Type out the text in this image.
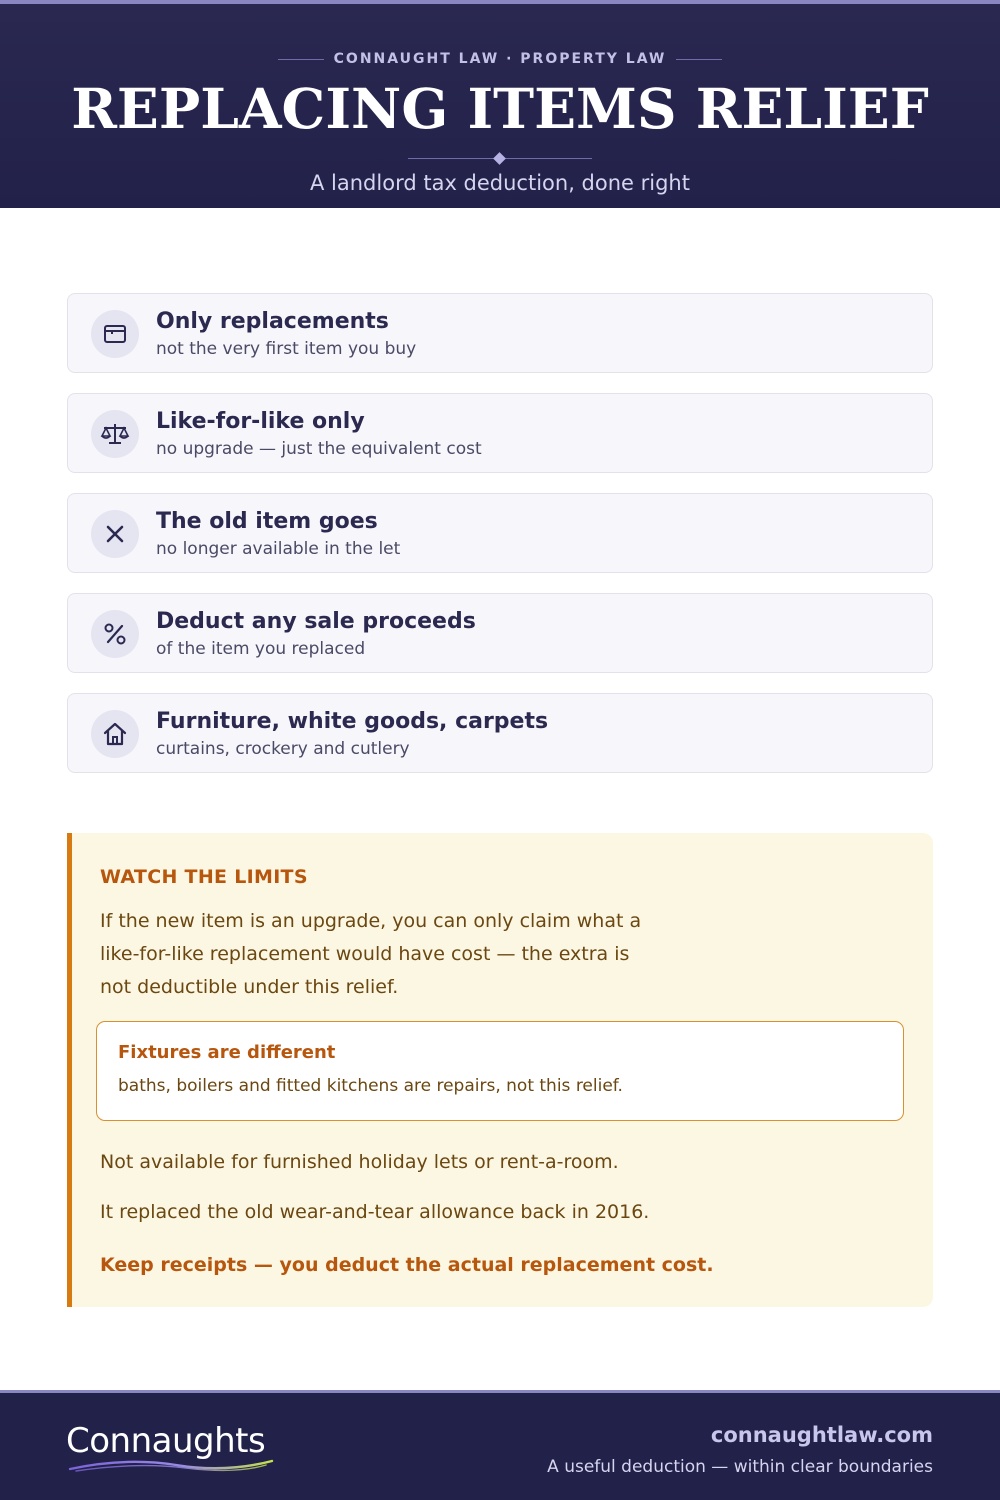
CONNAUGHT LAW · PROPERTY LAW
REPLACING ITEMS RELIEF
A landlord tax deduction, done right
Only replacements
not the very first item you buy
Like-for-like only
no upgrade — just the equivalent cost
The old item goes
no longer available in the let
Deduct any sale proceeds
of the item you replaced
Furniture, white goods, carpets
curtains, crockery and cutlery
WATCH THE LIMITS
If the new item is an upgrade, you can only claim what a like-for-like replacement would have cost — the extra is not deductible under this relief.
Fixtures are different
baths, boilers and fitted kitchens are repairs, not this relief.
Not available for furnished holiday lets or rent-a-room.
It replaced the old wear-and-tear allowance back in 2016.
Keep receipts — you deduct the actual replacement cost.
Connaughts	connaughtlaw.com
A useful deduction — within clear boundaries
